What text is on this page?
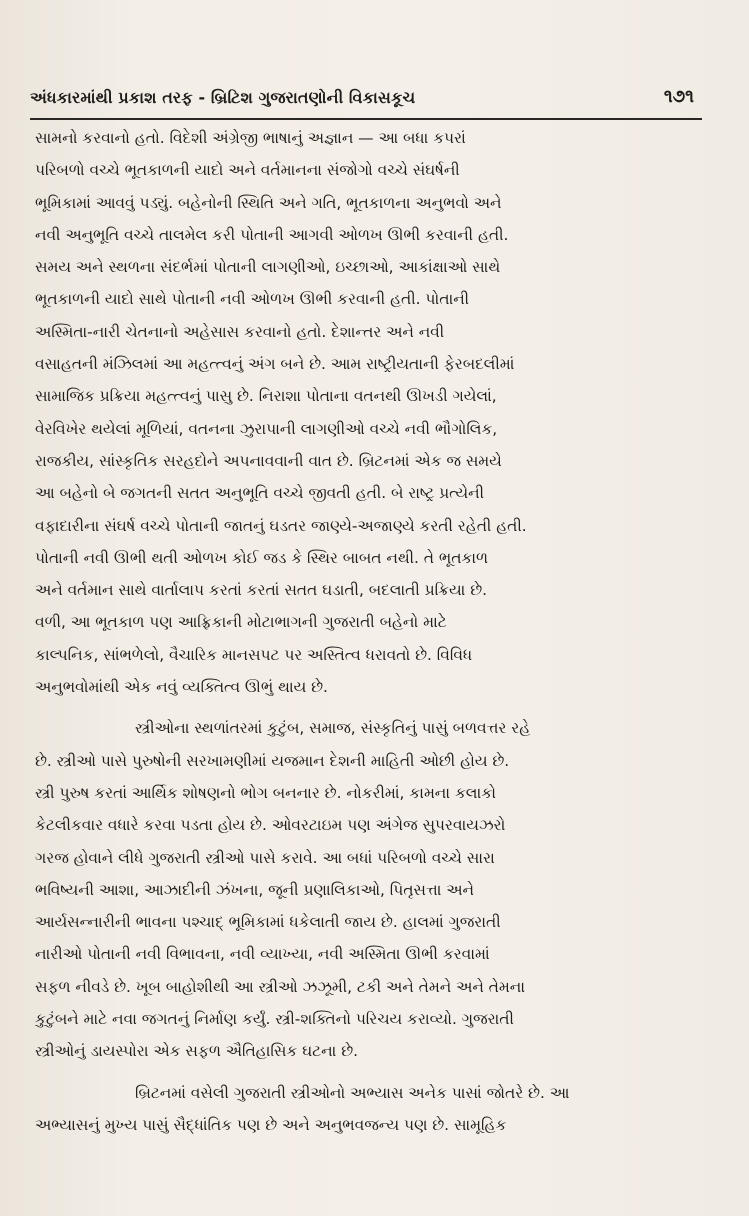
અંધકારમાંથી પ્રકાશ તરફ - બ્રિટિશ ગુજરાતણોની વિકાસકૂચ	૧૭૧
સામનો કરવાનો હતો. વિદેશી અંગ્રેજી ભાષાનું અજ્ઞાન — આ બધા કપરાં
પરિબળો વચ્ચે ભૂતકાળની યાદો અને વર્તમાનના સંજોગો વચ્ચે સંઘર્ષની
ભૂમિકામાં આવવું પડ્યું. બહેનોની સ્થિતિ અને ગતિ, ભૂતકાળના અનુભવો અને
નવી અનુભૂતિ વચ્ચે તાલમેલ કરી પોતાની આગવી ઓળખ ઊભી કરવાની હતી.
સમય અને સ્થળના સંદર્ભમાં પોતાની લાગણીઓ, ઇચ્છાઓ, આકાંક્ષાઓ સાથે
ભૂતકાળની યાદો સાથે પોતાની નવી ઓળખ ઊભી કરવાની હતી. પોતાની
અસ્મિતા-નારી ચેતનાનો અહેસાસ કરવાનો હતો. દેશાન્તર અને નવી
વસાહતની મંઝિલમાં આ મહત્ત્વનું અંગ બને છે. આમ રાષ્ટ્રીયતાની ફેરબદલીમાં
સામાજિક પ્રક્રિયા મહત્ત્વનું પાસુ છે. નિરાશા પોતાના વતનથી ઊખડી ગયેલાં,
વેરવિખેર થયેલાં મૂળિયાં, વતનના ઝુરાપાની લાગણીઓ વચ્ચે નવી ભૌગોલિક,
રાજકીય, સાંસ્કૃતિક સરહદોને અપનાવવાની વાત છે. બ્રિટનમાં એક જ સમયે
આ બહેનો બે જગતની સતત અનુભૂતિ વચ્ચે જીવતી હતી. બે રાષ્ટ્ર પ્રત્યેની
વફાદારીના સંઘર્ષ વચ્ચે પોતાની જાતનું ઘડતર જાણ્યે-અજાણ્યે કરતી રહેતી હતી.
પોતાની નવી ઊભી થતી ઓળખ કોઈ જડ કે સ્થિર બાબત નથી. તે ભૂતકાળ
અને વર્તમાન સાથે વાર્તાલાપ કરતાં કરતાં સતત ઘડાતી, બદલાતી પ્રક્રિયા છે.
વળી, આ ભૂતકાળ પણ આફ્રિકાની મોટાભાગની ગુજરાતી બહેનો માટે
કાલ્પનિક, સાંભળેલો, વૈચારિક માનસપટ પર અસ્તિત્વ ધરાવતો છે. વિવિધ
અનુભવોમાંથી એક નવું વ્યક્તિત્વ ઊભું થાય છે.
સ્ત્રીઓના સ્થળાંતરમાં કુટુંબ, સમાજ, સંસ્કૃતિનું પાસું બળવત્તર રહે
છે. સ્ત્રીઓ પાસે પુરુષોની સરખામણીમાં યજમાન દેશની માહિતી ઓછી હોય છે.
સ્ત્રી પુરુષ કરતાં આર્થિક શોષણનો ભોગ બનનાર છે. નોકરીમાં, કામના કલાકો
કેટલીકવાર વધારે કરવા પડતા હોય છે. ઓવરટાઇમ પણ અંગેજ સુપરવાયઝરો
ગરજ હોવાને લીધે ગુજરાતી સ્ત્રીઓ પાસે કરાવે. આ બધાં પરિબળો વચ્ચે સારા
ભવિષ્યની આશા, આઝાદીની ઝંખના, જૂની પ્રણાલિકાઓ, પિતૃસત્તા અને
આર્યસન્નારીની ભાવના પશ્ચાદ્ ભૂમિકામાં ધકેલાતી જાય છે. હાલમાં ગુજરાતી
નારીઓ પોતાની નવી વિભાવના, નવી વ્યાખ્યા, નવી અસ્મિતા ઊભી કરવામાં
સફળ નીવડે છે. ખૂબ બાહોશીથી આ સ્ત્રીઓ ઝઝૂમી, ટકી અને તેમને અને તેમના
કુટુંબને માટે નવા જગતનું નિર્માણ કર્યું. સ્ત્રી-શક્તિનો પરિચય કરાવ્યો. ગુજરાતી
સ્ત્રીઓનું ડાયસ્પોરા એક સફળ ઐતિહાસિક ઘટના છે.
બ્રિટનમાં વસેલી ગુજરાતી સ્ત્રીઓનો અભ્યાસ અનેક પાસાં જોતરે છે. આ
અભ્યાસનું મુખ્ય પાસું સૈદ્ધાંતિક પણ છે અને અનુભવજન્ય પણ છે. સામૂહિક
